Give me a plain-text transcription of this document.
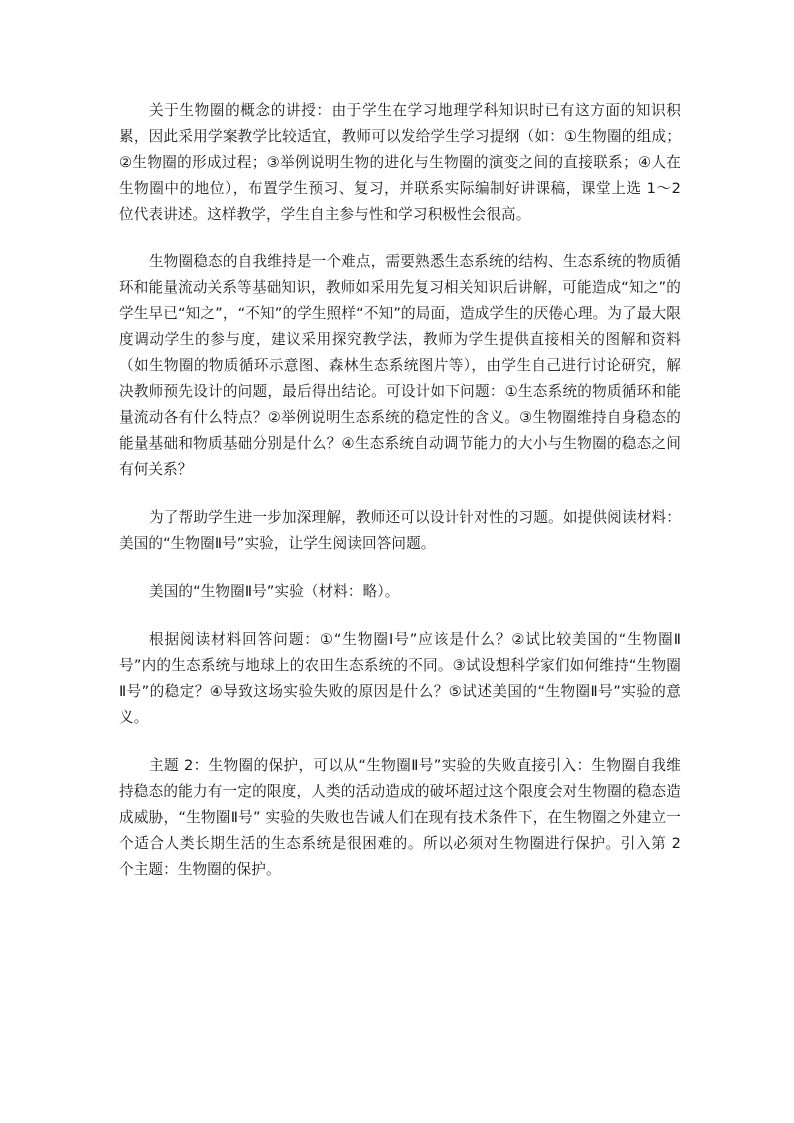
关于生物圈的概念的讲授：由于学生在学习地理学科知识时已有这方面的知识积累，因此采用学案教学比较适宜，教师可以发给学生学习提纲（如：①生物圈的组成；②生物圈的形成过程；③举例说明生物的进化与生物圈的演变之间的直接联系；④人在生物圈中的地位），布置学生预习、复习，并联系实际编制好讲课稿，课堂上选 1～2 位代表讲述。这样教学，学生自主参与性和学习积极性会很高。

生物圈稳态的自我维持是一个难点，需要熟悉生态系统的结构、生态系统的物质循环和能量流动关系等基础知识，教师如采用先复习相关知识后讲解，可能造成“知之”的学生早已“知之”，“不知”的学生照样“不知”的局面，造成学生的厌倦心理。为了最大限度调动学生的参与度，建议采用探究教学法，教师为学生提供直接相关的图解和资料（如生物圈的物质循环示意图、森林生态系统图片等），由学生自己进行讨论研究，解决教师预先设计的问题，最后得出结论。可设计如下问题：①生态系统的物质循环和能量流动各有什么特点？②举例说明生态系统的稳定性的含义。③生物圈维持自身稳态的能量基础和物质基础分别是什么？④生态系统自动调节能力的大小与生物圈的稳态之间有何关系？

为了帮助学生进一步加深理解，教师还可以设计针对性的习题。如提供阅读材料：美国的“生物圈Ⅱ号”实验，让学生阅读回答问题。

美国的“生物圈Ⅱ号”实验（材料：略）。

根据阅读材料回答问题：①“生物圈Ⅰ号”应该是什么？②试比较美国的“生物圈Ⅱ号”内的生态系统与地球上的农田生态系统的不同。③试设想科学家们如何维持“生物圈Ⅱ号”的稳定？④导致这场实验失败的原因是什么？⑤试述美国的“生物圈Ⅱ号”实验的意义。

主题 2：生物圈的保护，可以从“生物圈Ⅱ号”实验的失败直接引入：生物圈自我维持稳态的能力有一定的限度，人类的活动造成的破坏超过这个限度会对生物圈的稳态造成威胁，“生物圈Ⅱ号” 实验的失败也告诫人们在现有技术条件下，在生物圈之外建立一个适合人类长期生活的生态系统是很困难的。所以必须对生物圈进行保护。引入第 2 个主题：生物圈的保护。
